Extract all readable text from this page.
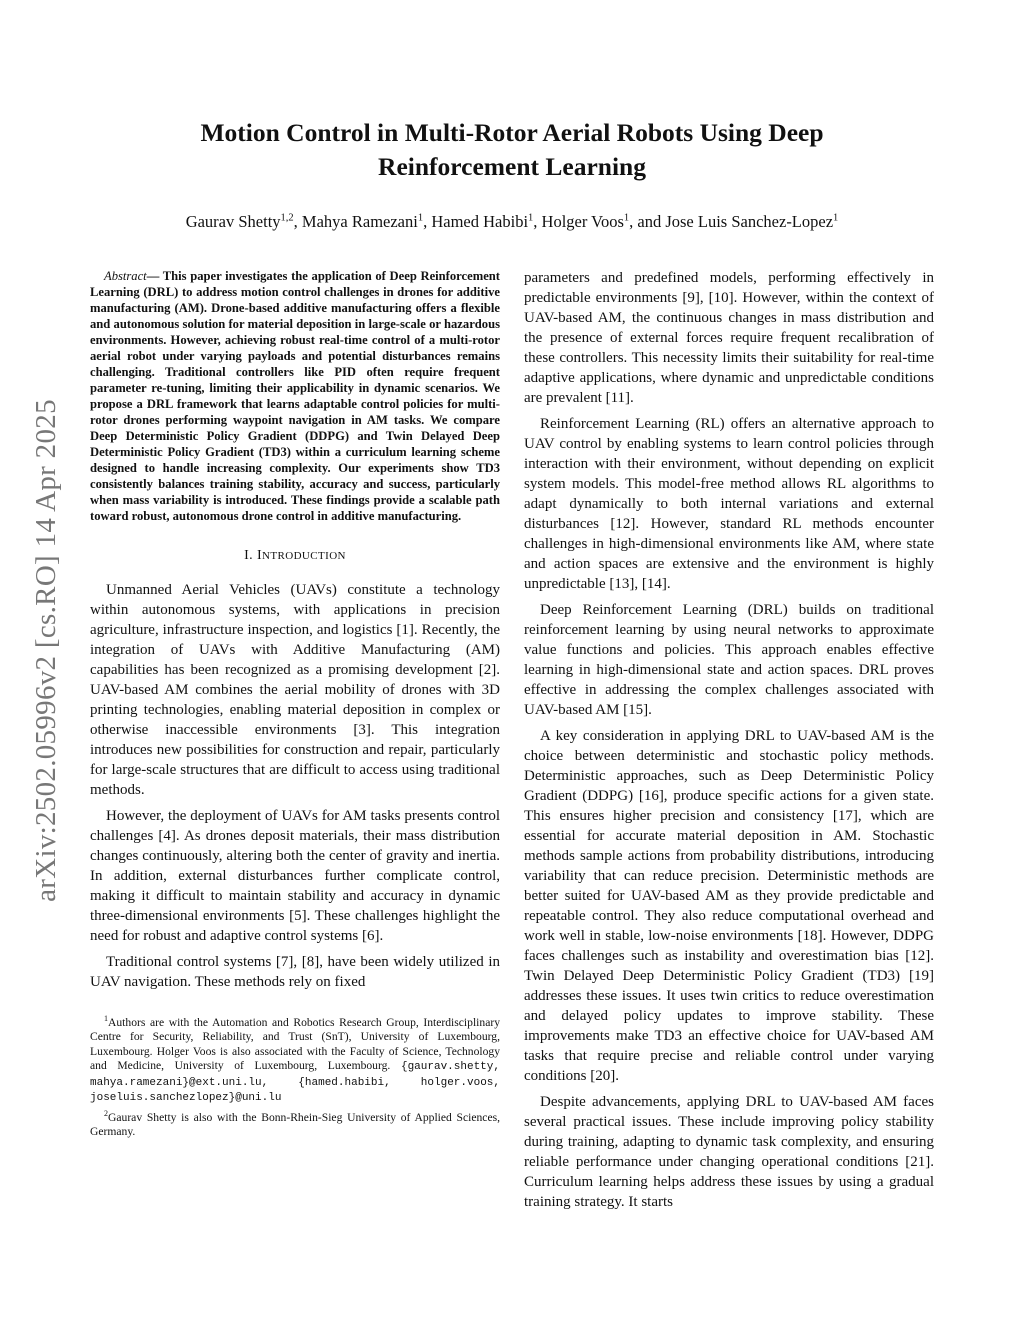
arXiv:2502.05996v2 [cs.RO] 14 Apr 2025
Motion Control in Multi-Rotor Aerial Robots Using Deep
Reinforcement Learning
Gaurav Shetty$^{1,2}$, Mahya Ramezani$^1$, Hamed Habibi$^1$, Holger Voos$^1$, and Jose Luis Sanchez-Lopez$^1$

Abstract— This paper investigates the application of Deep Reinforcement Learning (DRL) to address motion control challenges in drones for additive manufacturing (AM). Drone-based additive manufacturing offers a flexible and autonomous solution for material deposition in large-scale or hazardous environments. However, achieving robust real-time control of a multi-rotor aerial robot under varying payloads and potential disturbances remains challenging. Traditional controllers like PID often require frequent parameter re-tuning, limiting their applicability in dynamic scenarios. We propose a DRL framework that learns adaptable control policies for multi-rotor drones performing waypoint navigation in AM tasks. We compare Deep Deterministic Policy Gradient (DDPG) and Twin Delayed Deep Deterministic Policy Gradient (TD3) within a curriculum learning scheme designed to handle increasing complexity. Our experiments show TD3 consistently balances training stability, accuracy and success, particularly when mass variability is introduced. These findings provide a scalable path toward robust, autonomous drone control in additive manufacturing.

I. INTRODUCTION

Unmanned Aerial Vehicles (UAVs) constitute a technology within autonomous systems, with applications in precision agriculture, infrastructure inspection, and logistics [1]. Recently, the integration of UAVs with Additive Manufacturing (AM) capabilities has been recognized as a promising development [2]. UAV-based AM combines the aerial mobility of drones with 3D printing technologies, enabling material deposition in complex or otherwise inaccessible environments [3]. This integration introduces new possibilities for construction and repair, particularly for large-scale structures that are difficult to access using traditional methods.

However, the deployment of UAVs for AM tasks presents control challenges [4]. As drones deposit materials, their mass distribution changes continuously, altering both the center of gravity and inertia. In addition, external disturbances further complicate control, making it difficult to maintain stability and accuracy in dynamic three-dimensional environments [5]. These challenges highlight the need for robust and adaptive control systems [6].

Traditional control systems [7], [8], have been widely utilized in UAV navigation. These methods rely on fixed

$^1$Authors are with the Automation and Robotics Research Group, Interdisciplinary Centre for Security, Reliability, and Trust (SnT), University of Luxembourg, Luxembourg. Holger Voos is also associated with the Faculty of Science, Technology and Medicine, University of Luxembourg, Luxembourg. {gaurav.shetty, mahya.ramezani}@ext.uni.lu, {hamed.habibi, holger.voos, joseluis.sanchezlopez}@uni.lu

$^2$Gaurav Shetty is also with the Bonn-Rhein-Sieg University of Applied Sciences, Germany.

parameters and predefined models, performing effectively in predictable environments [9], [10]. However, within the context of UAV-based AM, the continuous changes in mass distribution and the presence of external forces require frequent recalibration of these controllers. This necessity limits their suitability for real-time adaptive applications, where dynamic and unpredictable conditions are prevalent [11].

Reinforcement Learning (RL) offers an alternative approach to UAV control by enabling systems to learn control policies through interaction with their environment, without depending on explicit system models. This model-free method allows RL algorithms to adapt dynamically to both internal variations and external disturbances [12]. However, standard RL methods encounter challenges in high-dimensional environments like AM, where state and action spaces are extensive and the environment is highly unpredictable [13], [14].

Deep Reinforcement Learning (DRL) builds on traditional reinforcement learning by using neural networks to approximate value functions and policies. This approach enables effective learning in high-dimensional state and action spaces. DRL proves effective in addressing the complex challenges associated with UAV-based AM [15].

A key consideration in applying DRL to UAV-based AM is the choice between deterministic and stochastic policy methods. Deterministic approaches, such as Deep Deterministic Policy Gradient (DDPG) [16], produce specific actions for a given state. This ensures higher precision and consistency [17], which are essential for accurate material deposition in AM. Stochastic methods sample actions from probability distributions, introducing variability that can reduce precision. Deterministic methods are better suited for UAV-based AM as they provide predictable and repeatable control. They also reduce computational overhead and work well in stable, low-noise environments [18]. However, DDPG faces challenges such as instability and overestimation bias [12]. Twin Delayed Deep Deterministic Policy Gradient (TD3) [19] addresses these issues. It uses twin critics to reduce overestimation and delayed policy updates to improve stability. These improvements make TD3 an effective choice for UAV-based AM tasks that require precise and reliable control under varying conditions [20].

Despite advancements, applying DRL to UAV-based AM faces several practical issues. These include improving policy stability during training, adapting to dynamic task complexity, and ensuring reliable performance under changing operational conditions [21]. Curriculum learning helps address these issues by using a gradual training strategy. It starts
